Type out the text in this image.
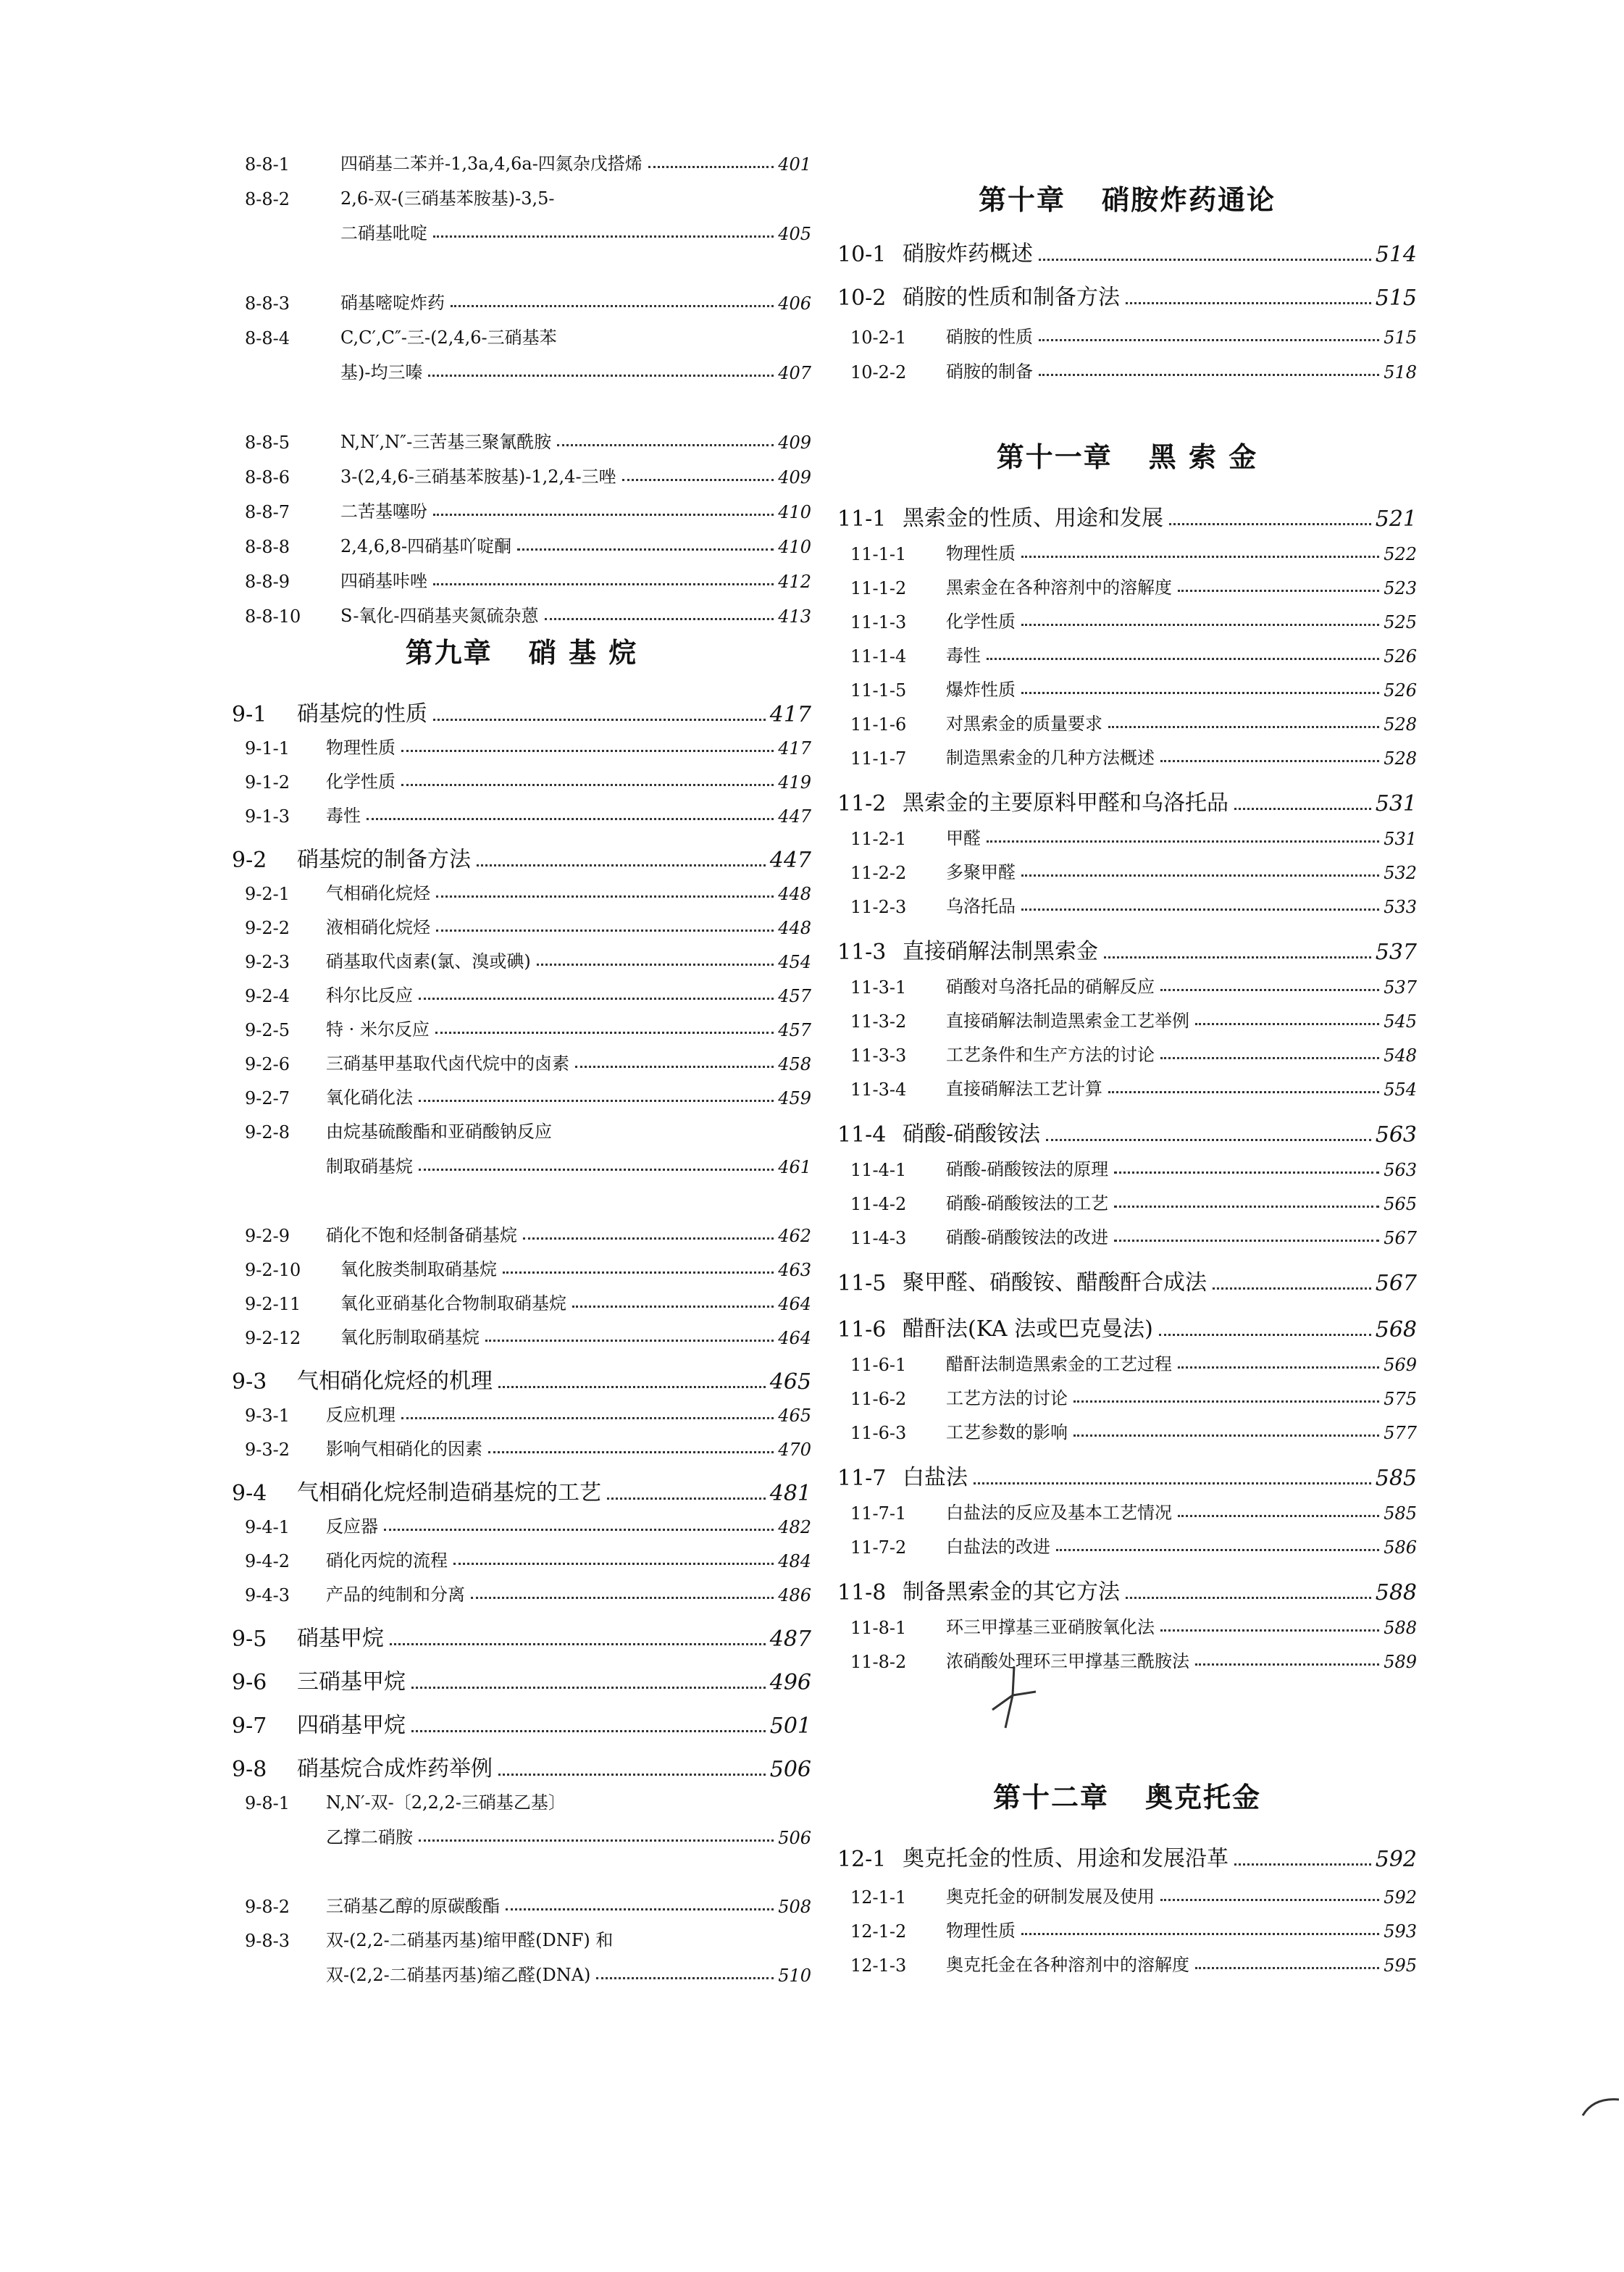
8-8-1	四硝基二苯并-1,3a,4,6a-四氮杂戊搭烯	401
8-8-2	2,6-双-(三硝基苯胺基)-3,5-
二硝基吡啶	405
8-8-3	硝基嘧啶炸药	406
8-8-4	C,C′,C″-三-(2,4,6-三硝基苯
基)-均三嗪	407
8-8-5	N,N′,N″-三苦基三聚氰酰胺	409
8-8-6	3-(2,4,6-三硝基苯胺基)-1,2,4-三唑	409
8-8-7	二苦基噻吩	410
8-8-8	2,4,6,8-四硝基吖啶酮	410
8-8-9	四硝基咔唑	412
8-8-10	S-氧化-四硝基夹氮硫杂蒽	413
第九章 硝 基 烷
9-1	硝基烷的性质	417
9-1-1	物理性质	417
9-1-2	化学性质	419
9-1-3	毒性	447
9-2	硝基烷的制备方法	447
9-2-1	气相硝化烷烃	448
9-2-2	液相硝化烷烃	448
9-2-3	硝基取代卤素(氯、溴或碘)	454
9-2-4	科尔比反应	457
9-2-5	特 · 米尔反应	457
9-2-6	三硝基甲基取代卤代烷中的卤素	458
9-2-7	氧化硝化法	459
9-2-8	由烷基硫酸酯和亚硝酸钠反应
制取硝基烷	461
9-2-9	硝化不饱和烃制备硝基烷	462
9-2-10	氧化胺类制取硝基烷	463
9-2-11	氧化亚硝基化合物制取硝基烷	464
9-2-12	氧化肟制取硝基烷	464
9-3	气相硝化烷烃的机理	465
9-3-1	反应机理	465
9-3-2	影响气相硝化的因素	470
9-4	气相硝化烷烃制造硝基烷的工艺	481
9-4-1	反应器	482
9-4-2	硝化丙烷的流程	484
9-4-3	产品的纯制和分离	486
9-5	硝基甲烷	487
9-6	三硝基甲烷	496
9-7	四硝基甲烷	501
9-8	硝基烷合成炸药举例	506
9-8-1	N,N′-双-〔2,2,2-三硝基乙基〕
乙撑二硝胺	506
9-8-2	三硝基乙醇的原碳酸酯	508
9-8-3	双-(2,2-二硝基丙基)缩甲醛(DNF) 和
双-(2,2-二硝基丙基)缩乙醛(DNA)	510
第十章 硝胺炸药通论
10-1 硝胺炸药概述	514
10-2 硝胺的性质和制备方法	515
10-2-1	硝胺的性质	515
10-2-2	硝胺的制备	518
第十一章 黑 索 金
11-1 黑索金的性质、用途和发展	521
11-1-1	物理性质	522
11-1-2	黑索金在各种溶剂中的溶解度	523
11-1-3	化学性质	525
11-1-4	毒性	526
11-1-5	爆炸性质	526
11-1-6	对黑索金的质量要求	528
11-1-7	制造黑索金的几种方法概述	528
11-2 黑索金的主要原料甲醛和乌洛托品	531
11-2-1	甲醛	531
11-2-2	多聚甲醛	532
11-2-3	乌洛托品	533
11-3 直接硝解法制黑索金	537
11-3-1	硝酸对乌洛托品的硝解反应	537
11-3-2	直接硝解法制造黑索金工艺举例	545
11-3-3	工艺条件和生产方法的讨论	548
11-3-4	直接硝解法工艺计算	554
11-4 硝酸-硝酸铵法	563
11-4-1	硝酸-硝酸铵法的原理	563
11-4-2	硝酸-硝酸铵法的工艺	565
11-4-3	硝酸-硝酸铵法的改进	567
11-5 聚甲醛、硝酸铵、醋酸酐合成法	567
11-6 醋酐法(KA 法或巴克曼法)	568
11-6-1	醋酐法制造黑索金的工艺过程	569
11-6-2	工艺方法的讨论	575
11-6-3	工艺参数的影响	577
11-7 白盐法	585
11-7-1	白盐法的反应及基本工艺情况	585
11-7-2	白盐法的改进	586
11-8 制备黑索金的其它方法	588
11-8-1	环三甲撑基三亚硝胺氧化法	588
11-8-2	浓硝酸处理环三甲撑基三酰胺法	589
第十二章 奥克托金
12-1 奥克托金的性质、用途和发展沿革	592
12-1-1	奥克托金的研制发展及使用	592
12-1-2	物理性质	593
12-1-3	奥克托金在各种溶剂中的溶解度	595
